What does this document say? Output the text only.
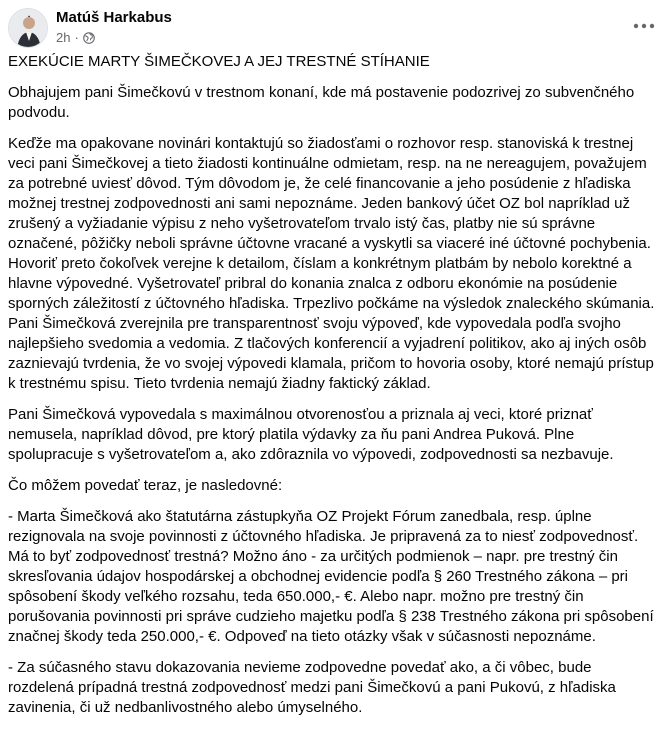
Matúš Harkabus
2h ·

EXEKÚCIE MARTY ŠIMEČKOVEJ A JEJ TRESTNÉ STÍHANIE

Obhajujem pani Šimečkovú v trestnom konaní, kde má postavenie podozrivej zo subvenčného podvodu.

Keďže ma opakovane novinári kontaktujú so žiadosťami o rozhovor resp. stanoviská k trestnej veci pani Šimečkovej a tieto žiadosti kontinuálne odmietam, resp. na ne nereagujem, považujem za potrebné uviesť dôvod. Tým dôvodom je, že celé financovanie a jeho posúdenie z hľadiska možnej trestnej zodpovednosti ani sami nepoznáme. Jeden bankový účet OZ bol napríklad už zrušený a vyžiadanie výpisu z neho vyšetrovateľom trvalo istý čas, platby nie sú správne označené, pôžičky neboli správne účtovne vracané a vyskytli sa viaceré iné účtovné pochybenia. Hovoriť preto čokoľvek verejne k detailom, číslam a konkrétnym platbám by nebolo korektné a hlavne výpovedné. Vyšetrovateľ pribral do konania znalca z odboru ekonómie na posúdenie sporných záležitostí z účtovného hľadiska. Trpezlivo počkáme na výsledok znaleckého skúmania. Pani Šimečková zverejnila pre transparentnosť svoju výpoveď, kde vypovedala podľa svojho najlepšieho svedomia a vedomia. Z tlačových konferencií a vyjadrení politikov, ako aj iných osôb zaznievajú tvrdenia, že vo svojej výpovedi klamala, pričom to hovoria osoby, ktoré nemajú prístup k trestnému spisu. Tieto tvrdenia nemajú žiadny faktický základ.

Pani Šimečková vypovedala s maximálnou otvorenosťou a priznala aj veci, ktoré priznať nemusela, napríklad dôvod, pre ktorý platila výdavky za ňu pani Andrea Puková. Plne spolupracuje s vyšetrovateľom a, ako zdôraznila vo výpovedi, zodpovednosti sa nezbavuje.

Čo môžem povedať teraz, je nasledovné:

- Marta Šimečková ako štatutárna zástupkyňa OZ Projekt Fórum zanedbala, resp. úplne rezignovala na svoje povinnosti z účtovného hľadiska. Je pripravená za to niesť zodpovednosť. Má to byť zodpovednosť trestná? Možno áno - za určitých podmienok – napr. pre trestný čin skresľovania údajov hospodárskej a obchodnej evidencie podľa § 260 Trestného zákona – pri spôsobení škody veľkého rozsahu, teda 650.000,- €. Alebo napr. možno pre trestný čin porušovania povinnosti pri správe cudzieho majetku podľa § 238 Trestného zákona pri spôsobení značnej škody teda 250.000,- €. Odpoveď na tieto otázky však v súčasnosti nepoznáme.

- Za súčasného stavu dokazovania nevieme zodpovedne povedať ako, a či vôbec, bude rozdelená prípadná trestná zodpovednosť medzi pani Šimečkovú a pani Pukovú, z hľadiska zavinenia, či už nedbanlivostného alebo úmyselného.
